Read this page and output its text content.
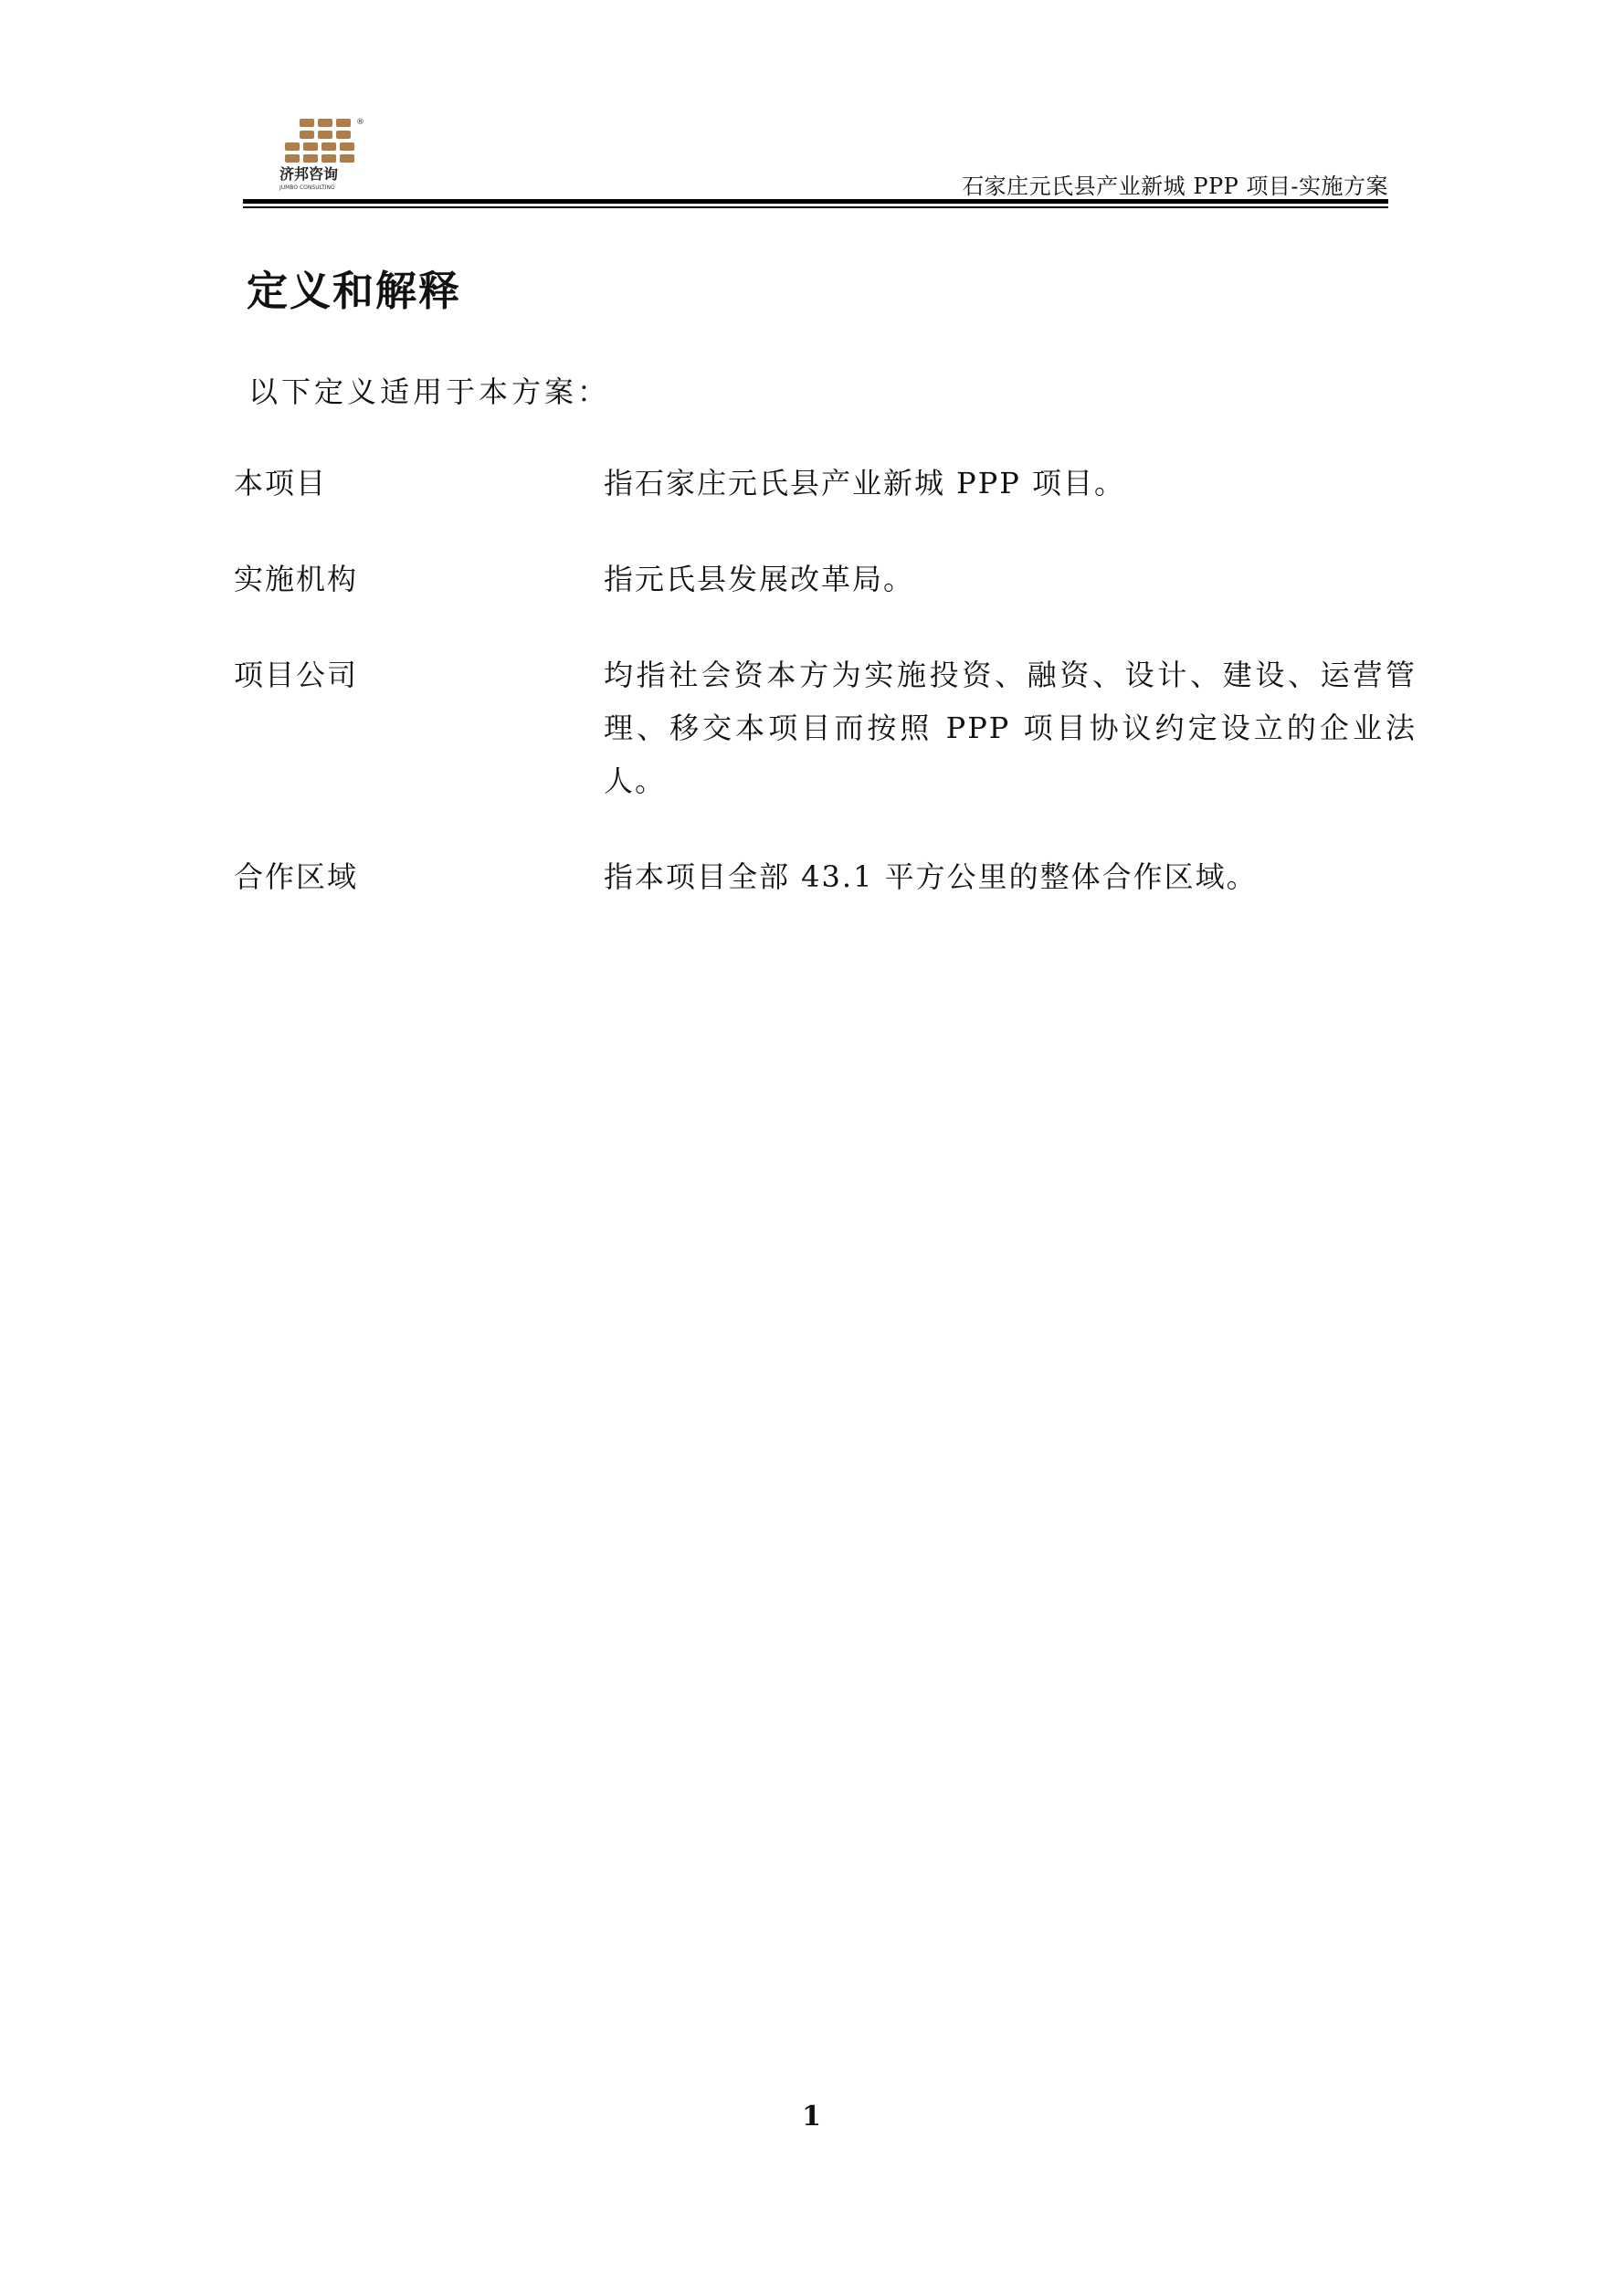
®
济邦咨询
JUMBO CONSULTING	石家庄元氏县产业新城 PPP 项目-实施方案
定义和解释
以下定义适用于本方案：
本项目	指石家庄元氏县产业新城 PPP 项目。
实施机构	指元氏县发展改革局。
项目公司	均指社会资本方为实施投资、融资、设计、建设、运营管理、移交本项目而按照 PPP 项目协议约定设立的企业法人。
合作区域	指本项目全部 43.1 平方公里的整体合作区域。
1
